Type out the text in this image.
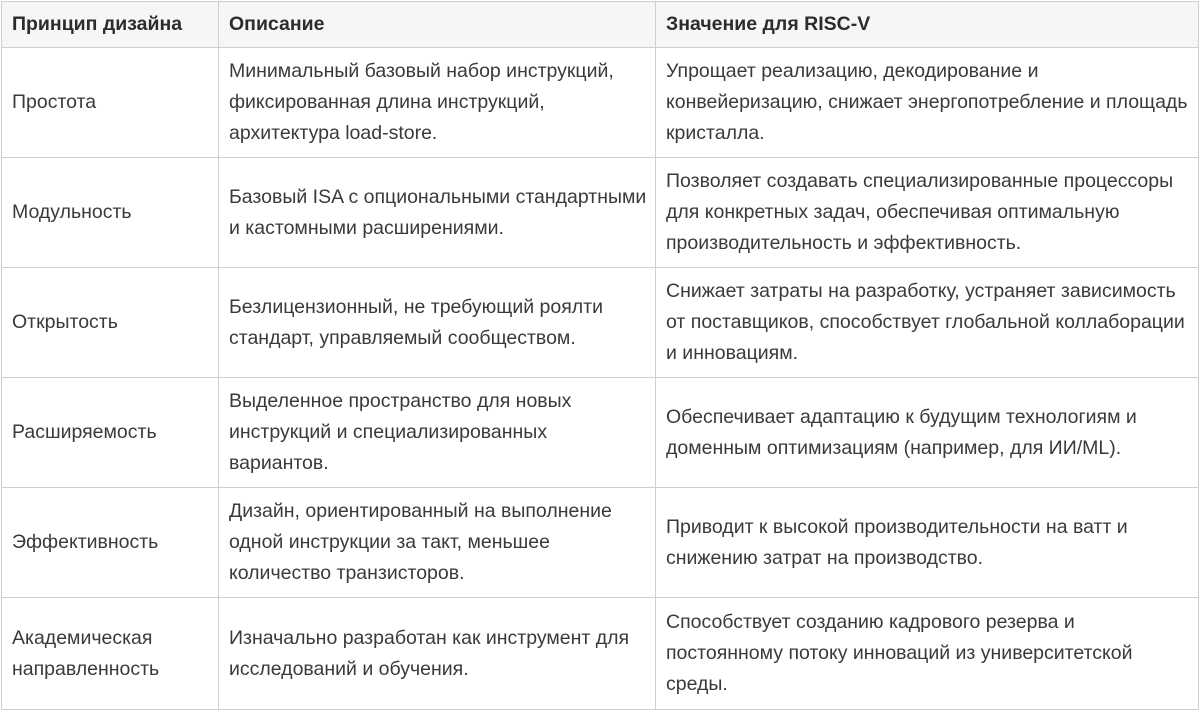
Принцип дизайна	Описание	Значение для RISC-V
Простота	Минимальный базовый набор инструкций, фиксированная длина инструкций, архитектура load-store.	Упрощает реализацию, декодирование и конвейеризацию, снижает энергопотребление и площадь кристалла.
Модульность	Базовый ISA с опциональными стандартными и кастомными расширениями.	Позволяет создавать специализированные процессоры для конкретных задач, обеспечивая оптимальную производительность и эффективность.
Открытость	Безлицензионный, не требующий роялти стандарт, управляемый сообществом.	Снижает затраты на разработку, устраняет зависимость от поставщиков, способствует глобальной коллаборации и инновациям.
Расширяемость	Выделенное пространство для новых инструкций и специализированных вариантов.	Обеспечивает адаптацию к будущим технологиям и доменным оптимизациям (например, для ИИ/ML).
Эффективность	Дизайн, ориентированный на выполнение одной инструкции за такт, меньшее количество транзисторов.	Приводит к высокой производительности на ватт и снижению затрат на производство.
Академическая направленность	Изначально разработан как инструмент для исследований и обучения.	Способствует созданию кадрового резерва и постоянному потоку инноваций из университетской среды.
